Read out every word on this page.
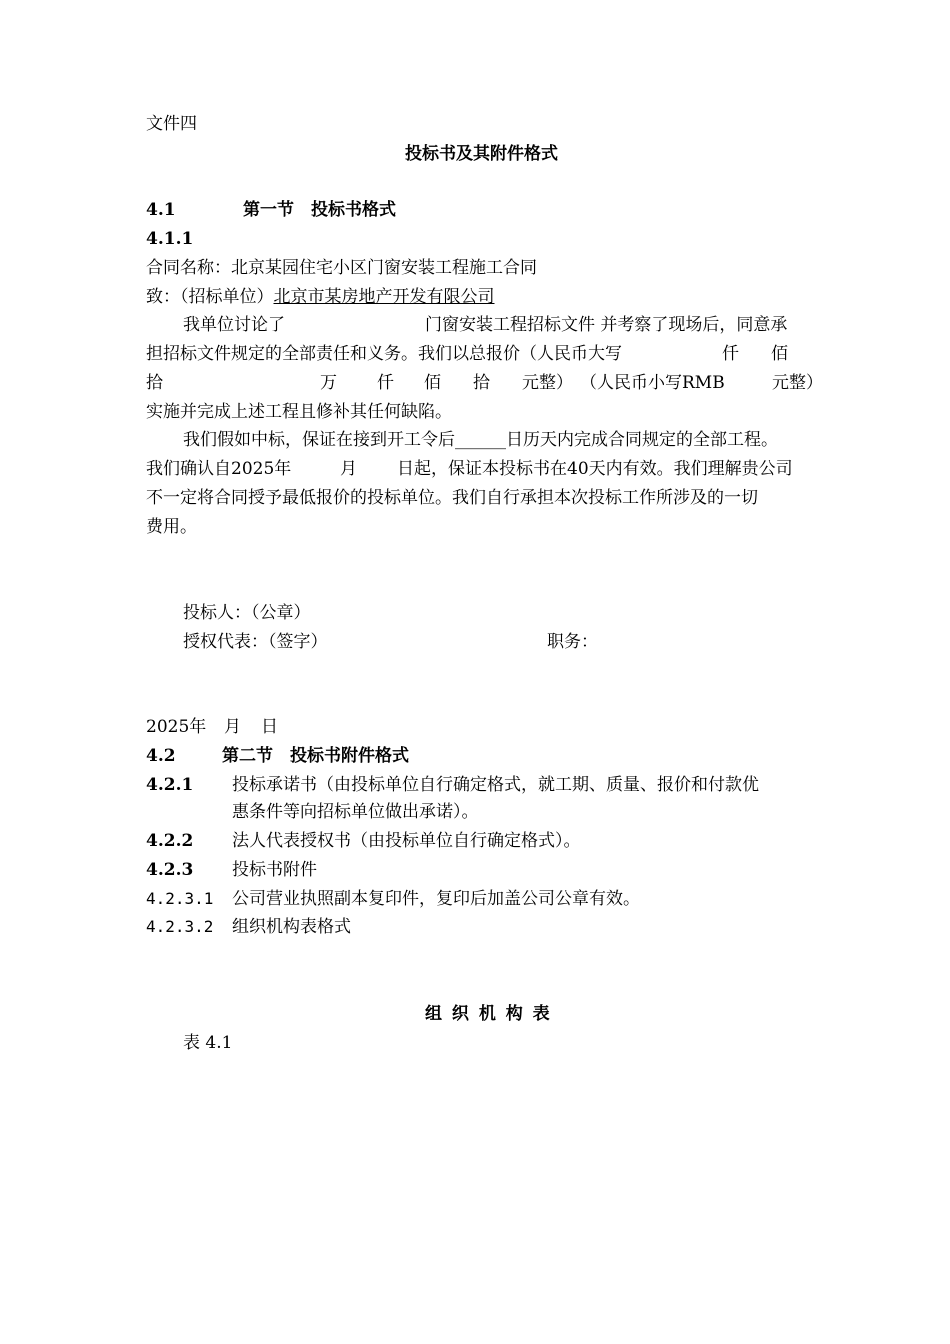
文件四
投标书及其附件格式
4.1	第一节　投标书格式
4.1.1
合同名称：北京某园住宅小区门窗安装工程施工合同
致：（招标单位）北京市某房地产开发有限公司
我单位讨论了	门窗安装工程招标文件 并考察了现场后，同意承
担招标文件规定的全部责任和义务。我们以总报价（人民币大写	仟 佰
拾	万 仟 佰 拾 元整） （人民币小写RMB	元整）
实施并完成上述工程且修补其任何缺陷。
我们假如中标，保证在接到开工令后______日历天内完成合同规定的全部工程。
我们确认自2025年	月 日起，保证本投标书在40天内有效。我们理解贵公司
不一定将合同授予最低报价的投标单位。我们自行承担本次投标工作所涉及的一切
费用。
投标人：（公章）
授权代表：（签字）	职务：
2025年 月 日
4.2	第二节　投标书附件格式
4.2.1 投标承诺书（由投标单位自行确定格式，就工期、质量、报价和付款优
惠条件等向招标单位做出承诺）。
4.2.2 法人代表授权书（由投标单位自行确定格式）。
4.2.3 投标书附件
4.2.3.1 公司营业执照副本复印件，复印后加盖公司公章有效。
4.2.3.2 组织机构表格式
组 织 机 构 表
表 4.1
